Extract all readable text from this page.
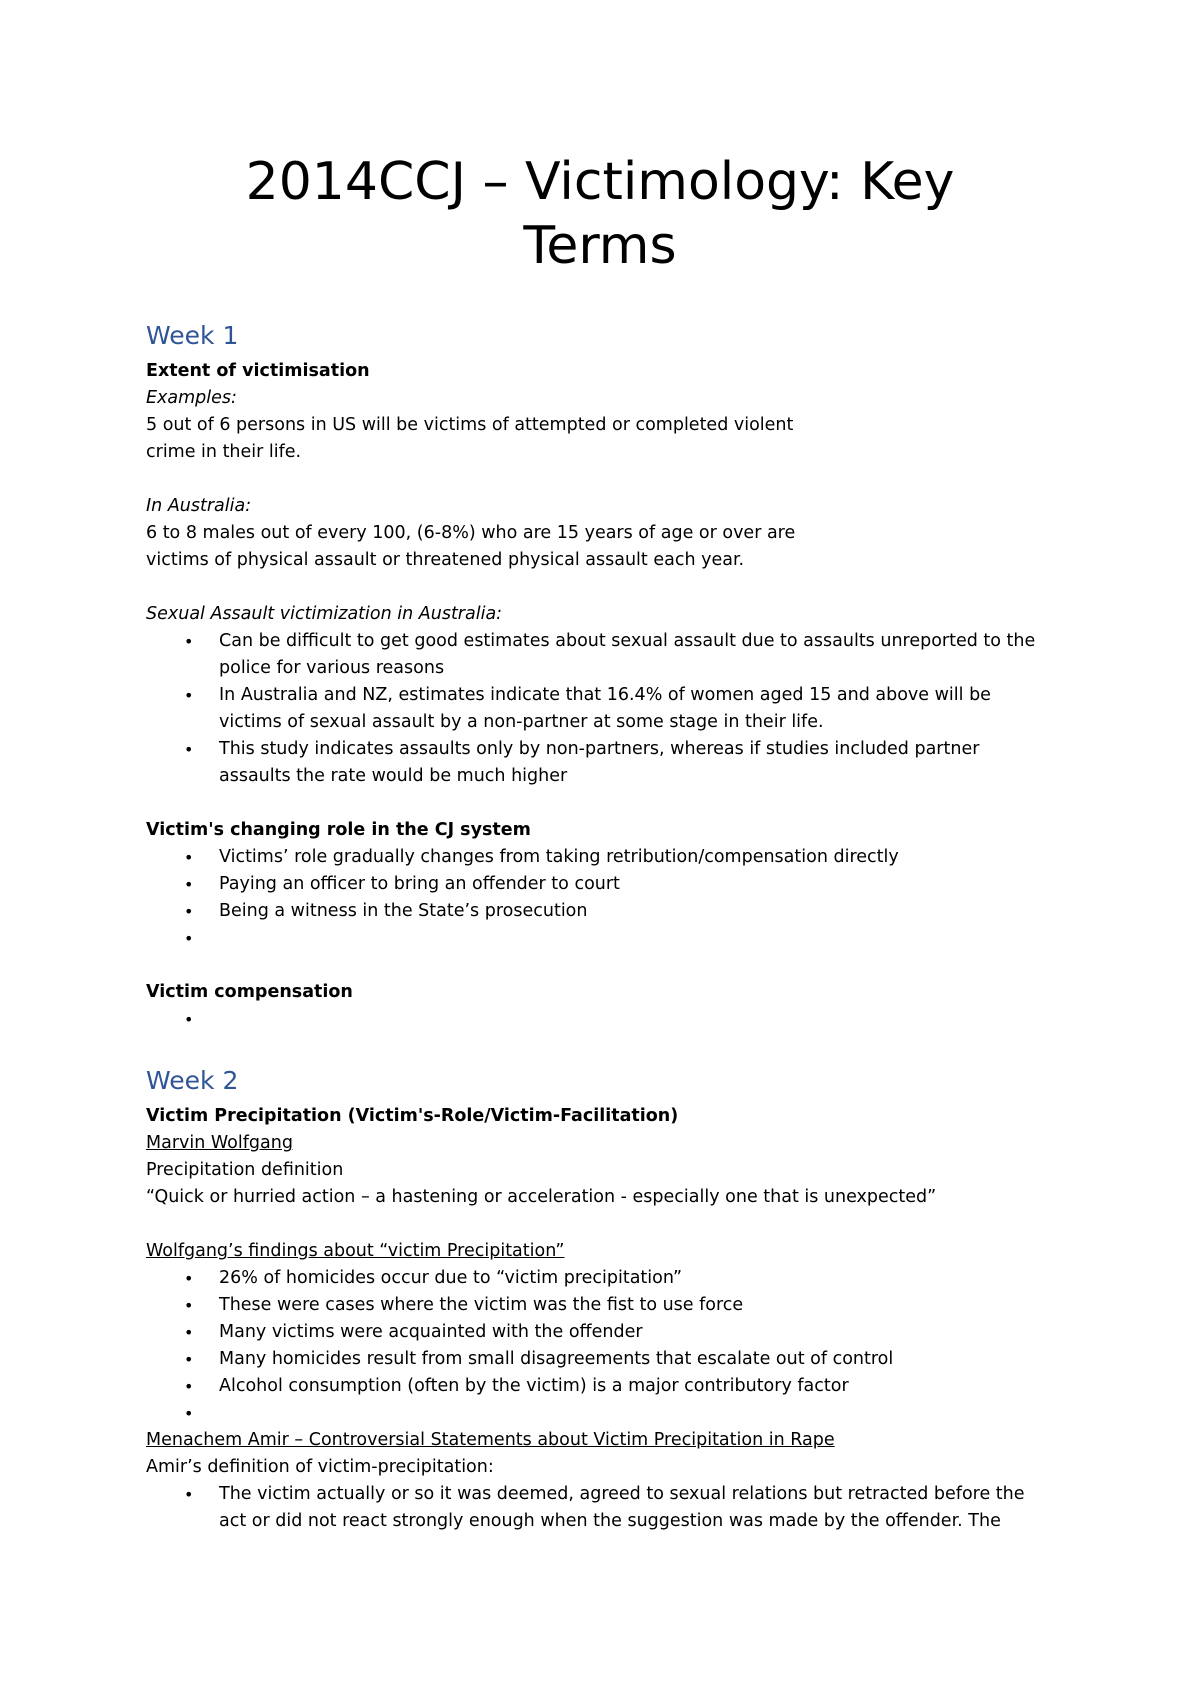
2014CCJ – Victimology: Key
Terms
Week 1
Extent of victimisation
Examples:
5 out of 6 persons in US will be victims of attempted or completed violent
crime in their life.
In Australia:
6 to 8 males out of every 100, (6-8%) who are 15 years of age or over are
victims of physical assault or threatened physical assault each year.
Sexual Assault victimization in Australia:
• Can be difficult to get good estimates about sexual assault due to assaults unreported to the
police for various reasons
• In Australia and NZ, estimates indicate that 16.4% of women aged 15 and above will be
victims of sexual assault by a non-partner at some stage in their life.
• This study indicates assaults only by non-partners, whereas if studies included partner
assaults the rate would be much higher
Victim's changing role in the CJ system
• Victims’ role gradually changes from taking retribution/compensation directly
• Paying an officer to bring an offender to court
• Being a witness in the State’s prosecution
•
Victim compensation
•
Week 2
Victim Precipitation (Victim's-Role/Victim-Facilitation)
Marvin Wolfgang
Precipitation definition
“Quick or hurried action – a hastening or acceleration - especially one that is unexpected”
Wolfgang’s findings about “victim Precipitation”
• 26% of homicides occur due to “victim precipitation”
• These were cases where the victim was the fist to use force
• Many victims were acquainted with the offender
• Many homicides result from small disagreements that escalate out of control
• Alcohol consumption (often by the victim) is a major contributory factor
•
Menachem Amir – Controversial Statements about Victim Precipitation in Rape
Amir’s definition of victim-precipitation:
• The victim actually or so it was deemed, agreed to sexual relations but retracted before the
act or did not react strongly enough when the suggestion was made by the offender. The
